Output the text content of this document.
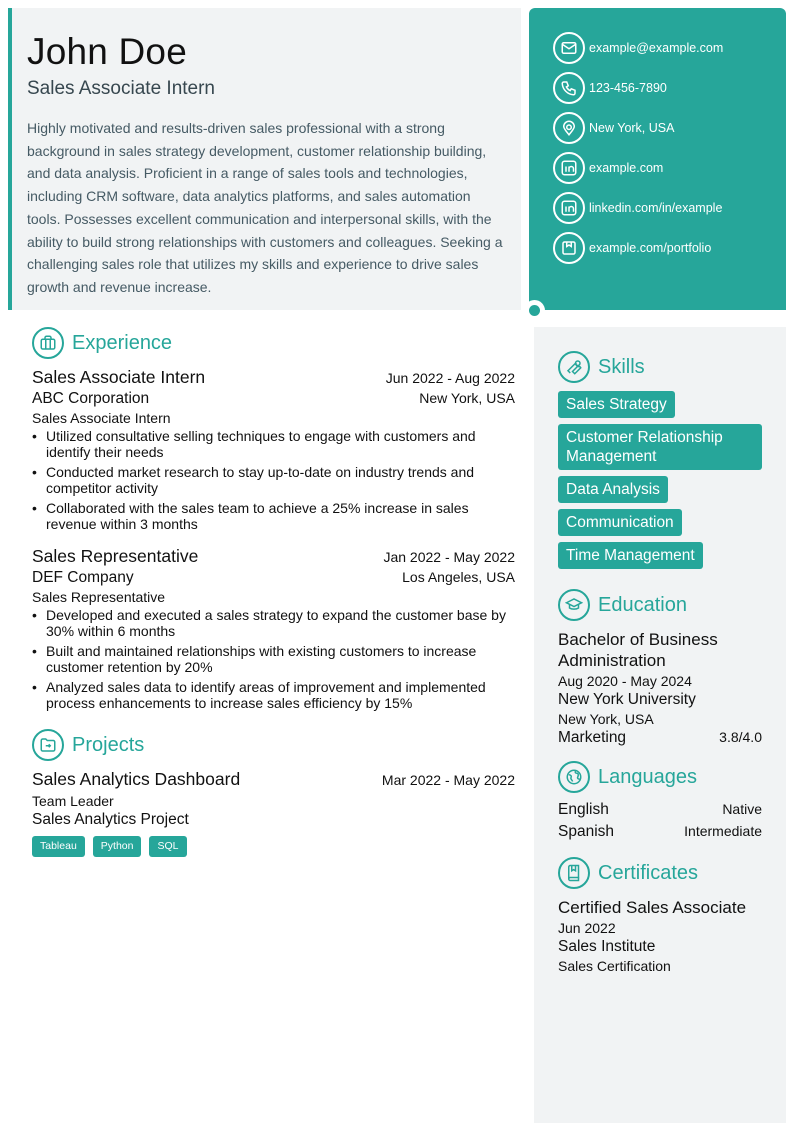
John Doe
Sales Associate Intern

Highly motivated and results-driven sales professional with a strong background in sales strategy development, customer relationship building, and data analysis. Proficient in a range of sales tools and technologies, including CRM software, data analytics platforms, and sales automation tools. Possesses excellent communication and interpersonal skills, with the ability to build strong relationships with customers and colleagues. Seeking a challenging sales role that utilizes my skills and experience to drive sales growth and revenue increase.

example@example.com
123-456-7890
New York, USA
example.com
linkedin.com/in/example
example.com/portfolio
Experience
Sales Associate Intern	Jun 2022 - Aug 2022
ABC Corporation	New York, USA
Sales Associate Intern
• Utilized consultative selling techniques to engage with customers and identify their needs
• Conducted market research to stay up-to-date on industry trends and competitor activity
• Collaborated with the sales team to achieve a 25% increase in sales revenue within 3 months
Sales Representative	Jan 2022 - May 2022
DEF Company	Los Angeles, USA
Sales Representative
• Developed and executed a sales strategy to expand the customer base by 30% within 6 months
• Built and maintained relationships with existing customers to increase customer retention by 20%
• Analyzed sales data to identify areas of improvement and implemented process enhancements to increase sales efficiency by 15%
Projects
Sales Analytics Dashboard	Mar 2022 - May 2022
Team Leader
Sales Analytics Project
Tableau	Python	SQL
Skills
Sales Strategy

Customer Relationship Management
Data Analysis
Communication
Time Management
Education
Bachelor of Business Administration
Aug 2020 - May 2024
New York University
New York, USA
Marketing	3.8/4.0
Languages
English	Native
Spanish	Intermediate
Certificates
Certified Sales Associate
Jun 2022
Sales Institute
Sales Certification
